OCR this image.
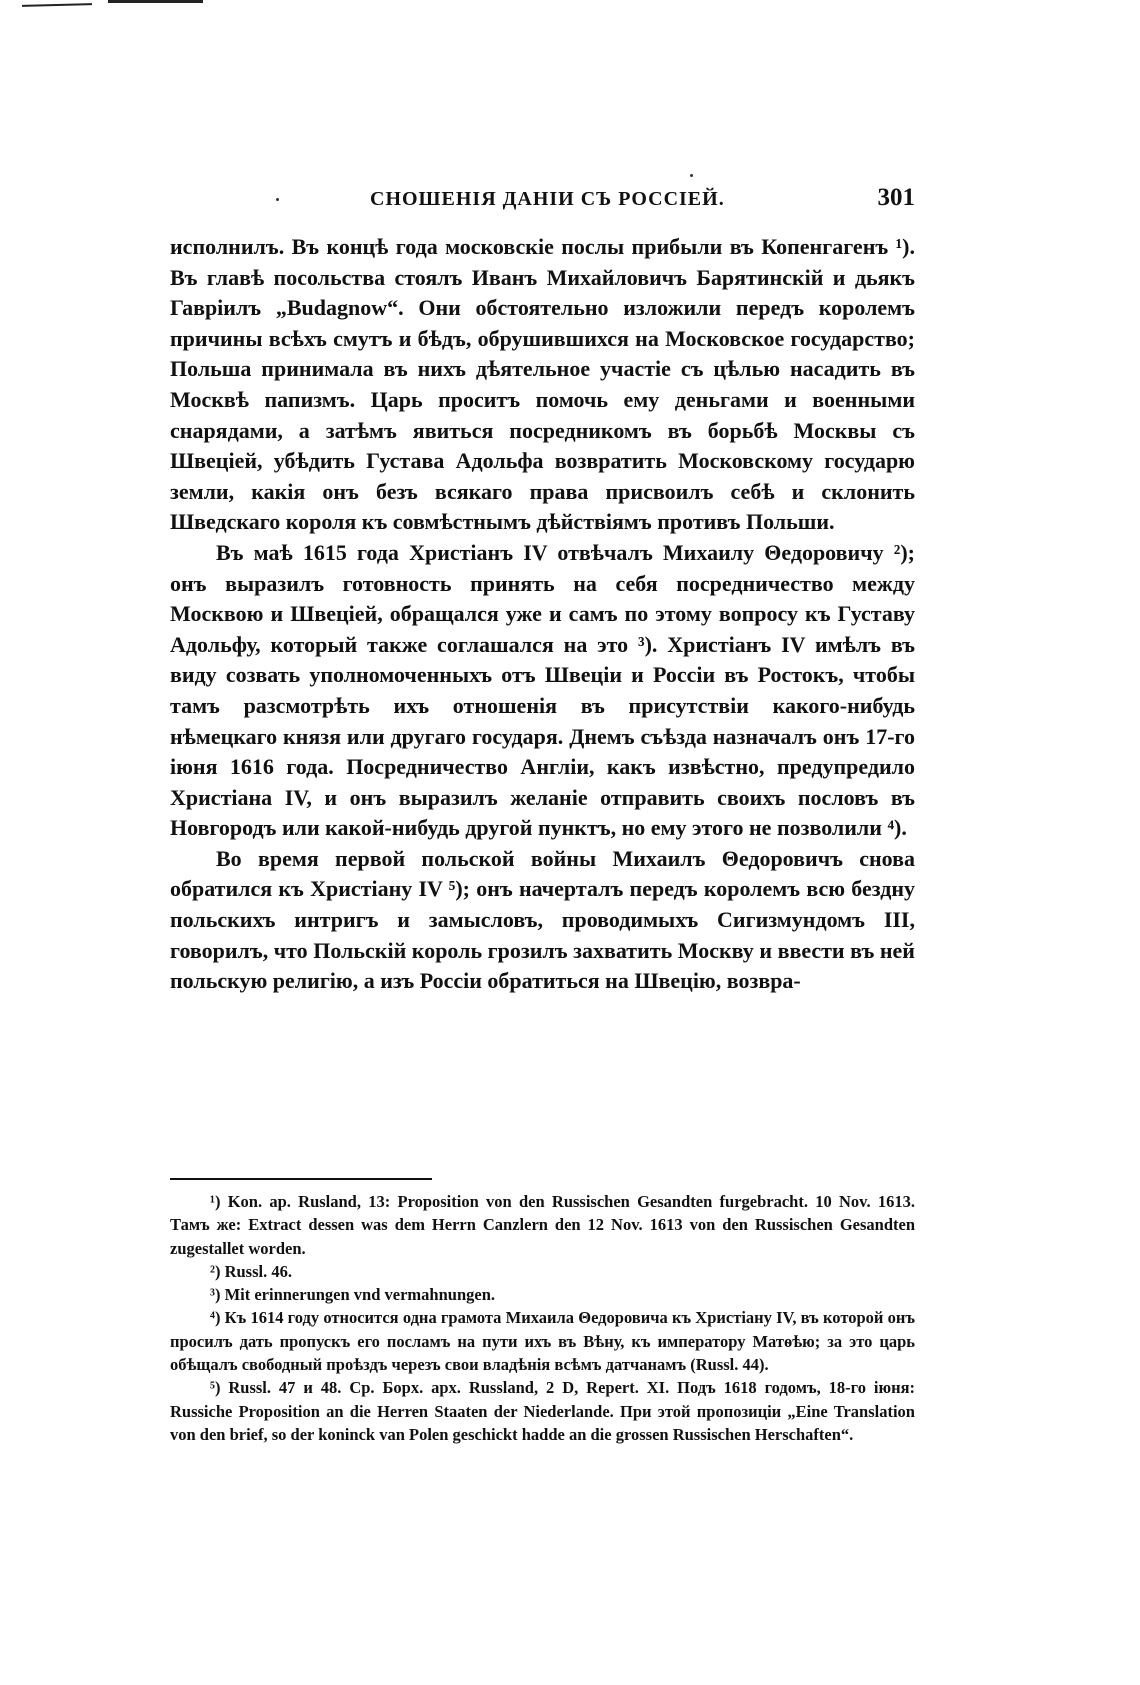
СНОШЕНІЯ ДАНІИ СЪ РОССІЕЙ.	301

исполнилъ. Въ концѣ года московскіе послы прибыли въ Копенгагенъ ¹). Въ главѣ посольства стоялъ Иванъ Михайловичъ Барятинскій и дьякъ Гавріилъ „Budagnow“. Они обстоятельно изложили передъ королемъ причины всѣхъ смутъ и бѣдъ, обрушившихся на Московское государство; Польша принимала въ нихъ дѣятельное участіе съ цѣлью насадить въ Москвѣ папизмъ. Царь проситъ помочь ему деньгами и военными снарядами, а затѣмъ явиться посредникомъ въ борьбѣ Москвы съ Швеціей, убѣдить Густава Адольфа возвратить Московскому государю земли, какія онъ безъ всякаго права присвоилъ себѣ и склонить Шведскаго короля къ совмѣстнымъ дѣйствіямъ противъ Польши.

Въ маѣ 1615 года Христіанъ IV отвѣчалъ Михаилу Θедоровичу ²); онъ выразилъ готовность принять на себя посредничество между Москвою и Швеціей, обращался уже и самъ по этому вопросу къ Густаву Адольфу, который также соглашался на это ³). Христіанъ IV имѣлъ въ виду созвать уполномоченныхъ отъ Швеціи и Россіи въ Ростокъ, чтобы тамъ разсмотрѣть ихъ отношенія въ присутствіи какого-нибудь нѣмецкаго князя или другаго государя. Днемъ съѣзда назначалъ онъ 17-го іюня 1616 года. Посредничество Англіи, какъ извѣстно, предупредило Христіана IV, и онъ выразилъ желаніе отправить своихъ пословъ въ Новгородъ или какой-нибудь другой пунктъ, но ему этого не позволили ⁴).

Во время первой польской войны Михаилъ Θедоровичъ снова обратился къ Христіану IV ⁵); онъ начерталъ передъ королемъ всю бездну польскихъ интригъ и замысловъ, проводимыхъ Сигизмундомъ III, говорилъ, что Польскій король грозилъ захватить Москву и ввести въ ней польскую религію, а изъ Россіи обратиться на Швецію, возвра-

¹) Kon. ap. Rusland, 13: Proposition von den Russischen Gesandten furgebracht. 10 Nov. 1613. Тамъ же: Extract dessen was dem Herrn Canzlern den 12 Nov. 1613 von den Russischen Gesandten zugestallet worden.

²) Russl. 46.

³) Mit erinnerungen vnd vermahnungen.

⁴) Къ 1614 году относится одна грамота Михаила Θедоровича къ Христіану IV, въ которой онъ просилъ дать пропускъ его посламъ на пути ихъ въ Вѣну, къ императору Матѳѣю; за это царь обѣщалъ свободный проѣздъ черезъ свои владѣнія всѣмъ датчанамъ (Russl. 44).

⁵) Russl. 47 и 48. Ср. Борх. арх. Russland, 2 D, Repert. XI. Подъ 1618 годомъ, 18-го іюня: Russiche Proposition an die Herren Staaten der Niederlande. При этой пропозиціи „Eine Translation von den brief, so der koninck van Polen geschickt hadde an die grossen Russischen Herschaften“.
